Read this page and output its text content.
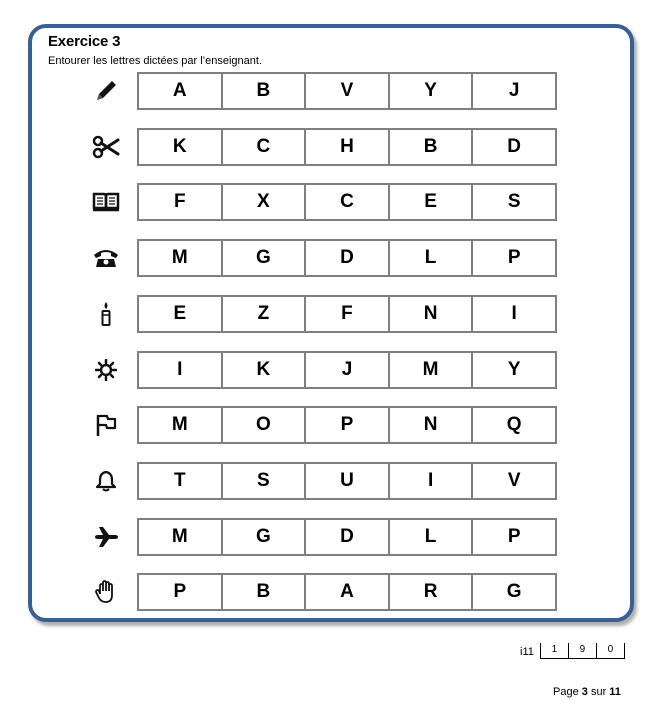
Exercice 3
Entourer les lettres dictées par l’enseignant.
A	B	V	Y	J
K	C	H	B	D
F	X	C	E	S
M	G	D	L	P
E	Z	F	N	I
I	K	J	M	Y
M	O	P	N	Q
T	S	U	I	V
M	G	D	L	P
P	B	A	R	G
i11	1	9	0
Page 3 sur 11
